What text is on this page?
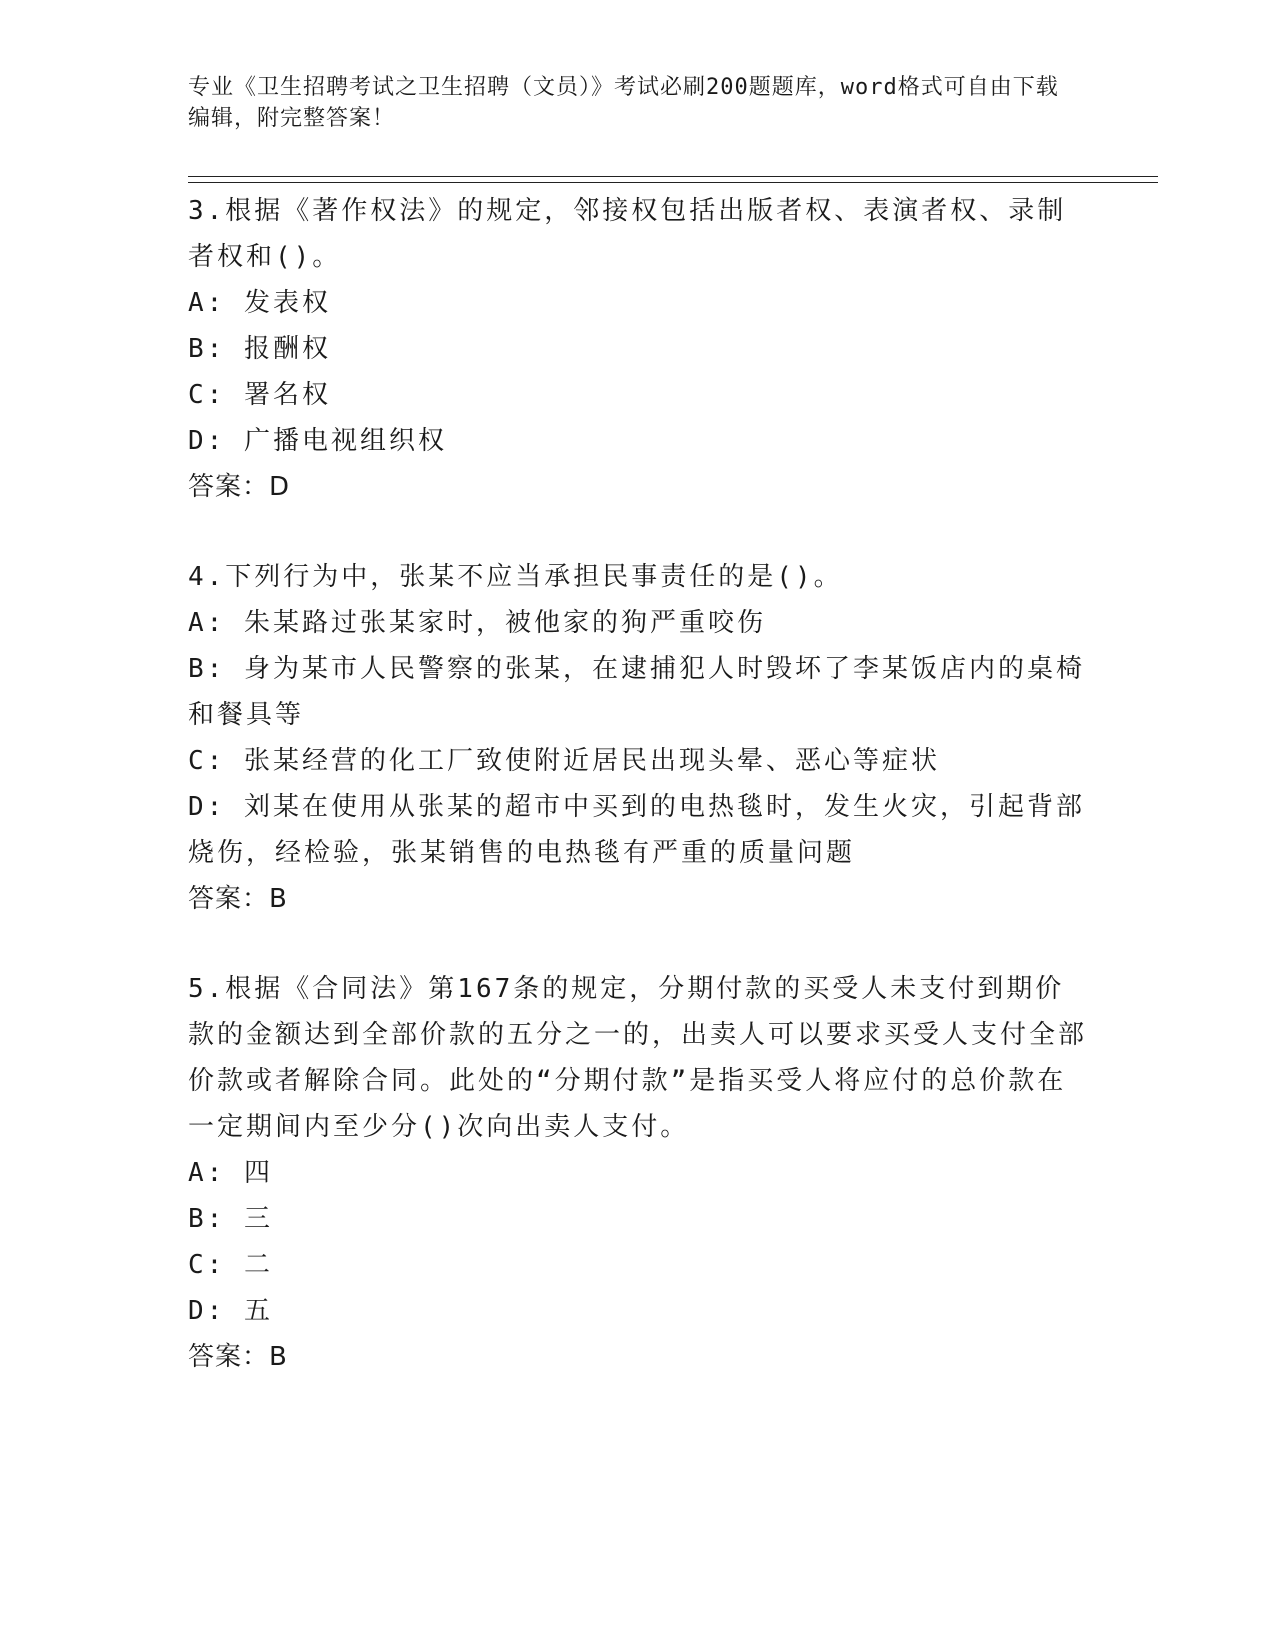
专业《卫生招聘考试之卫生招聘（文员）》考试必刷200题题库，word格式可自由下载编辑，附完整答案！

3.根据《著作权法》的规定，邻接权包括出版者权、表演者权、录制者权和()。

A: 发表权

B: 报酬权

C: 署名权

D: 广播电视组织权

答案：D

4.下列行为中，张某不应当承担民事责任的是()。

A: 朱某路过张某家时，被他家的狗严重咬伤

B: 身为某市人民警察的张某，在逮捕犯人时毁坏了李某饭店内的桌椅和餐具等

C: 张某经营的化工厂致使附近居民出现头晕、恶心等症状

D: 刘某在使用从张某的超市中买到的电热毯时，发生火灾，引起背部烧伤，经检验，张某销售的电热毯有严重的质量问题

答案：B

5.根据《合同法》第167条的规定，分期付款的买受人未支付到期价款的金额达到全部价款的五分之一的，出卖人可以要求买受人支付全部价款或者解除合同。此处的“分期付款”是指买受人将应付的总价款在一定期间内至少分()次向出卖人支付。

A: 四

B: 三

C: 二

D: 五

答案：B
